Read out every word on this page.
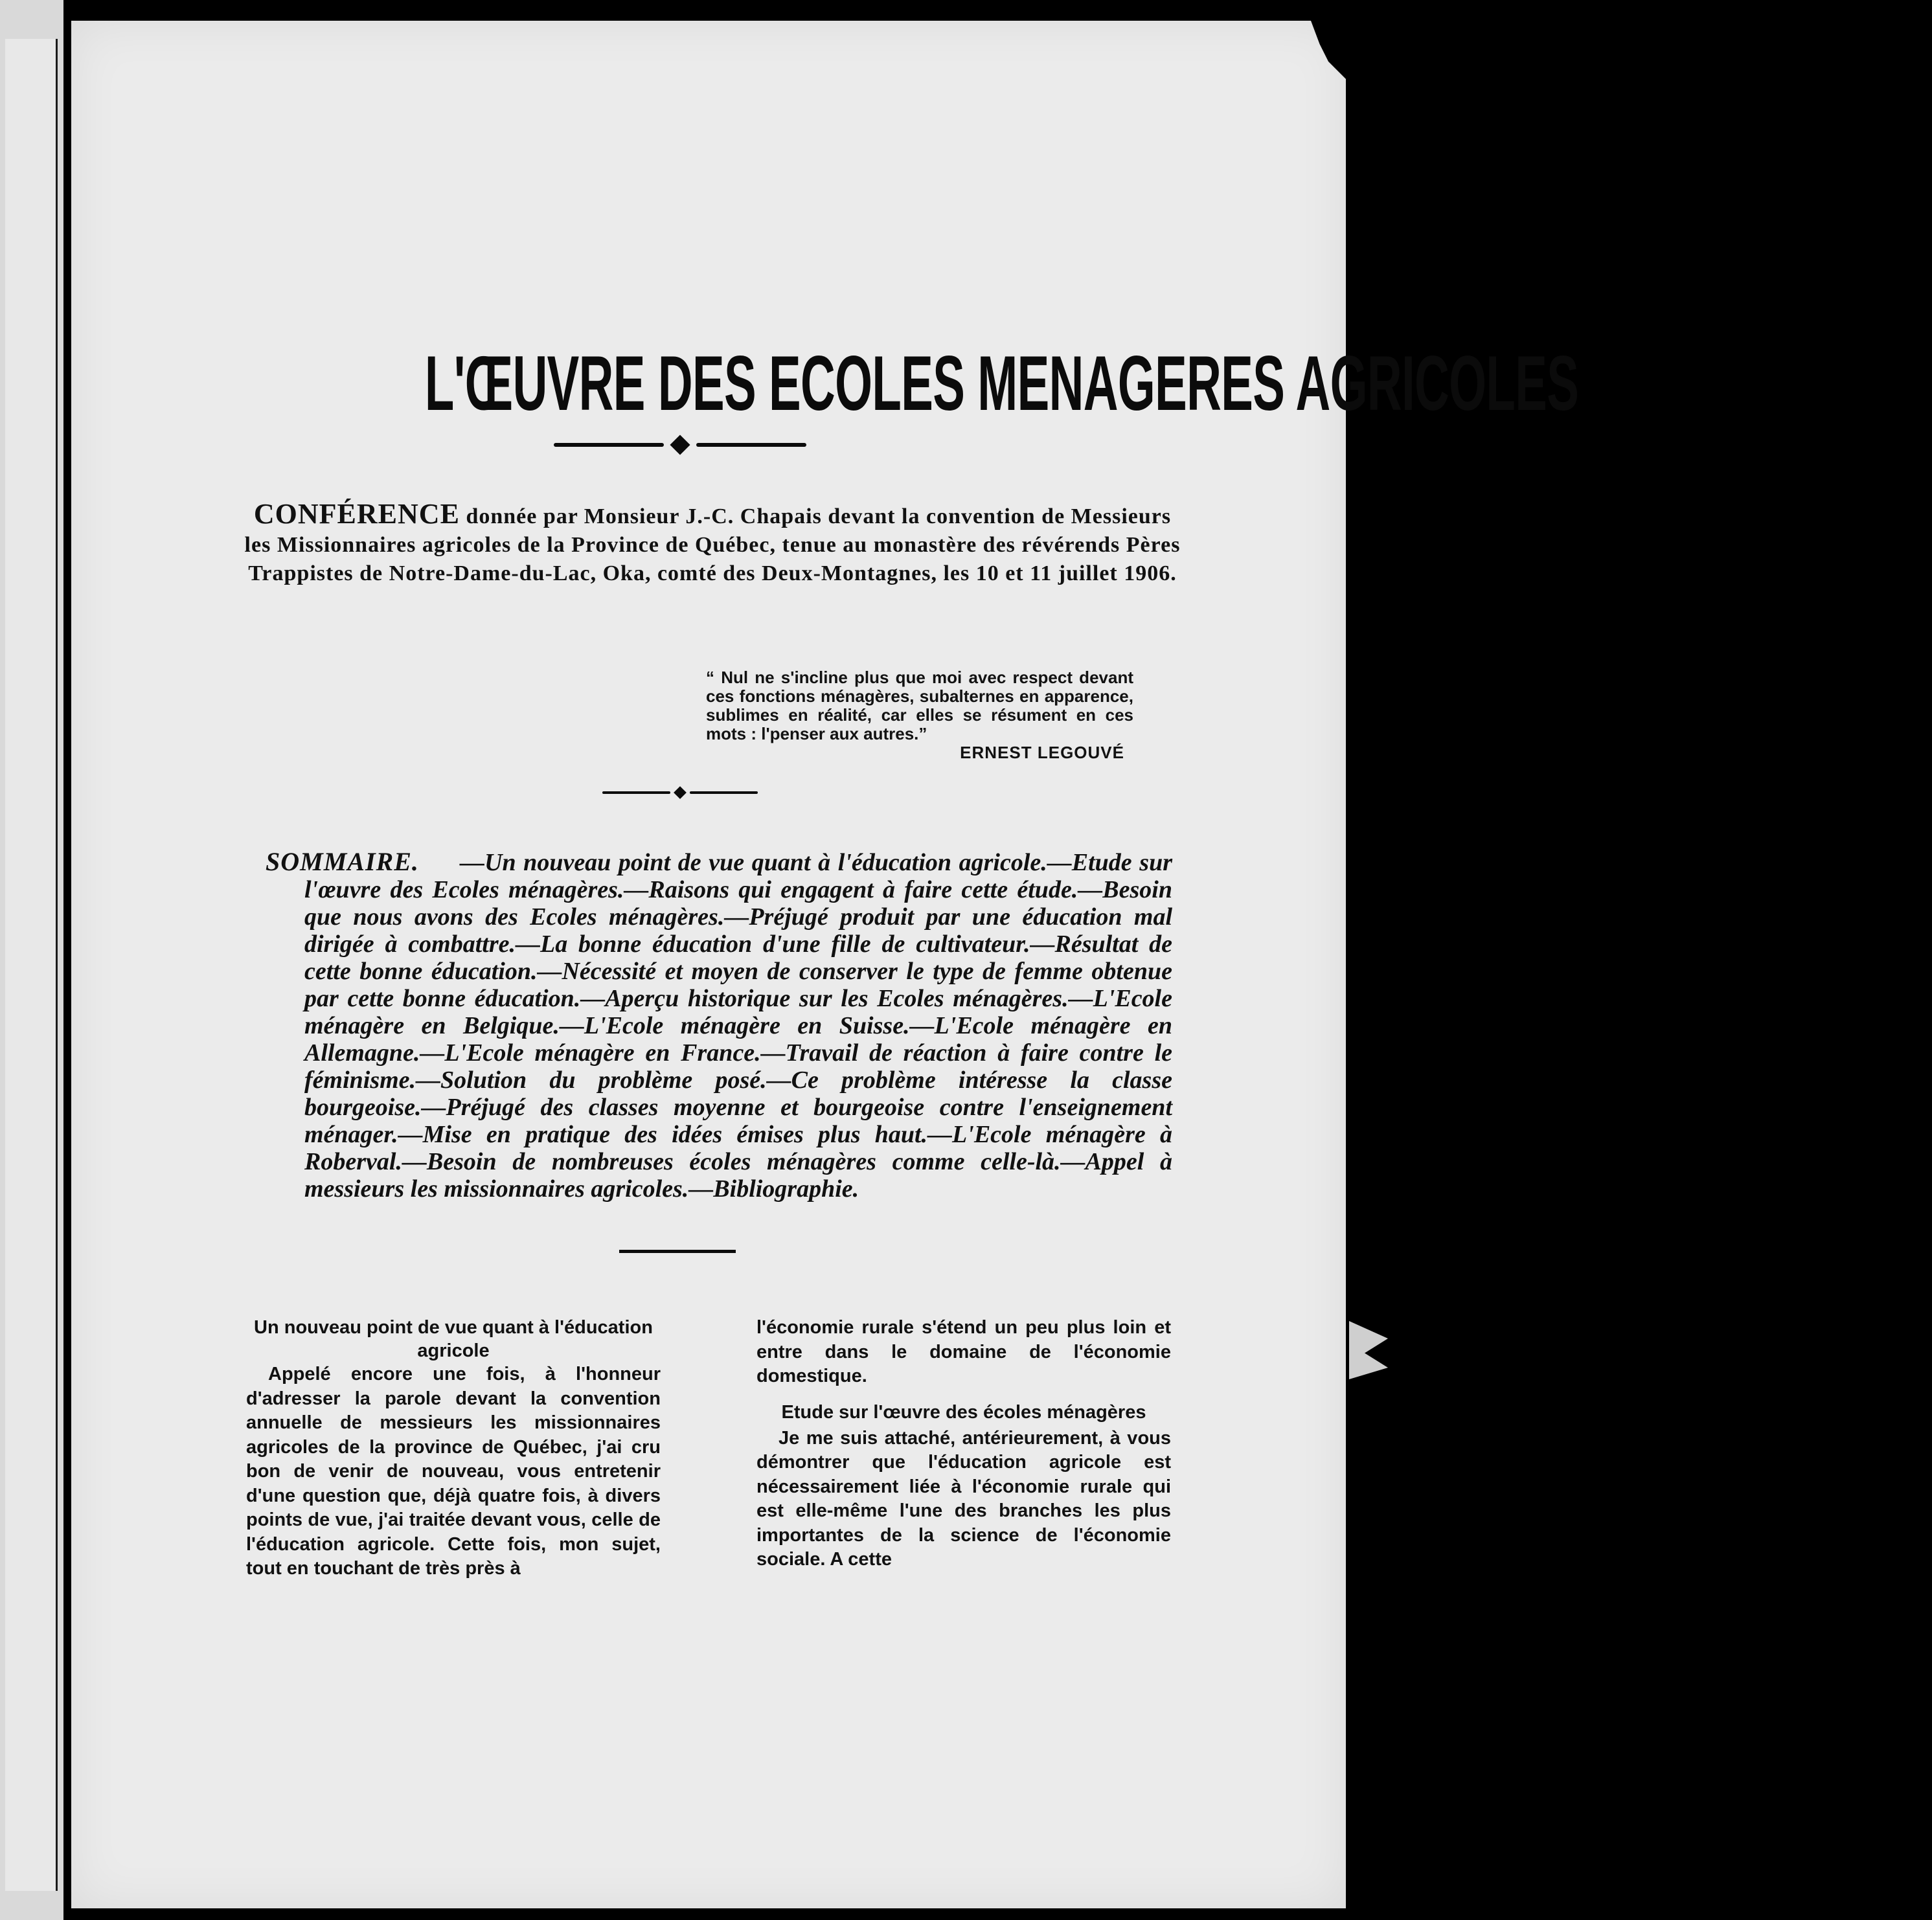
L'ŒUVRE DES ECOLES MENAGERES AGRICOLES
CONFÉRENCE donnée par Monsieur J.-C. Chapais devant la convention de Messieurs les Missionnaires agricoles de la Province de Québec, tenue au monastère des révérends Pères Trappistes de Notre-Dame-du-Lac, Oka, comté des Deux-Montagnes, les 10 et 11 juillet 1906.
“ Nul ne s'incline plus que moi avec respect devant ces fonctions ménagères, subalternes en apparence, sublimes en réalité, car elles se résument en ces mots : l'penser aux autres.”
ERNEST LEGOUVÉ
SOMMAIRE.	—Un nouveau point de vue quant à l'éducation agricole.—Etude sur l'œuvre des Ecoles ménagères.—Raisons qui engagent à faire cette étude.—Besoin que nous avons des Ecoles ménagères.—Préjugé produit par une éducation mal dirigée à combattre.—La bonne éducation d'une fille de cultivateur.—Résultat de cette bonne éducation.—Nécessité et moyen de conserver le type de femme obtenue par cette bonne éducation.—Aperçu historique sur les Ecoles ménagères.—L'Ecole ménagère en Belgique.—L'Ecole ménagère en Suisse.—L'Ecole ménagère en Allemagne.—L'Ecole ménagère en France.—Travail de réaction à faire contre le féminisme.—Solution du problème posé.—Ce problème intéresse la classe bourgeoise.—Préjugé des classes moyenne et bourgeoise contre l'enseignement ménager.—Mise en pratique des idées émises plus haut.—L'Ecole ménagère à Roberval.—Besoin de nombreuses écoles ménagères comme celle-là.—Appel à messieurs les missionnaires agricoles.—Bibliographie.
Un nouveau point de vue quant à l'éducation agricole

Appelé encore une fois, à l'honneur d'adresser la parole devant la convention annuelle de messieurs les missionnaires agricoles de la province de Québec, j'ai cru bon de venir de nouveau, vous entretenir d'une question que, déjà quatre fois, à divers points de vue, j'ai traitée devant vous, celle de l'éducation agricole. Cette fois, mon sujet, tout en touchant de très près à

l'économie rurale s'étend un peu plus loin et entre dans le domaine de l'économie domestique.

Etude sur l'œuvre des écoles ménagères

Je me suis attaché, antérieurement, à vous démontrer que l'éducation agricole est nécessairement liée à l'économie rurale qui est elle-même l'une des branches les plus importantes de la science de l'économie sociale. A cette
